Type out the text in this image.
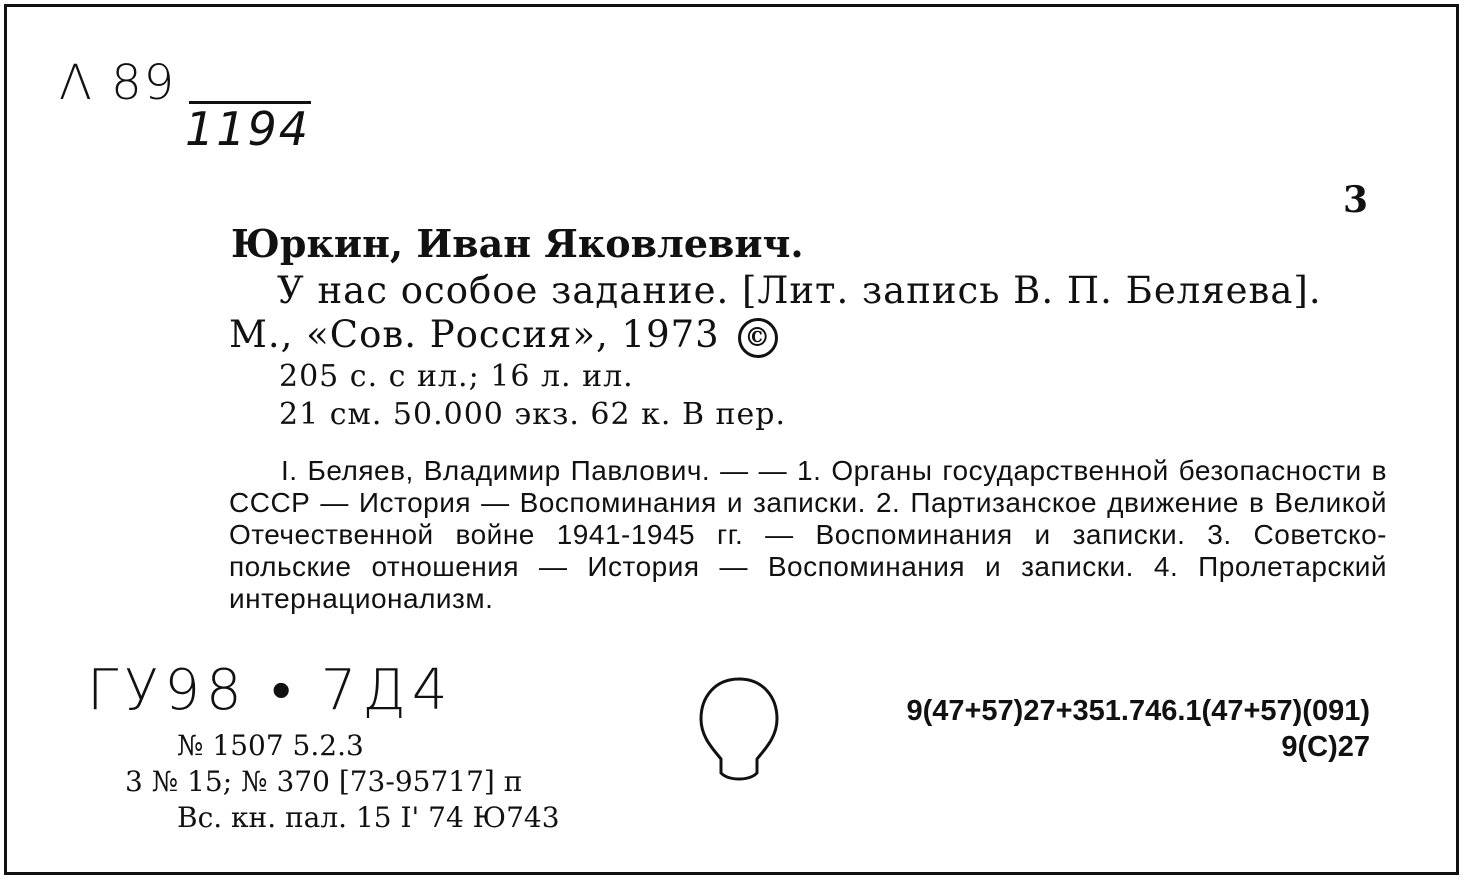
Λ 89
1194
3
Юркин, Иван Яковлевич.
У нас особое задание. [Лит. запись В. П. Беляева].
М., «Сов. Россия», 1973 ©
205 с. с ил.; 16 л. ил.
21 см. 50.000 экз. 62 к. В пер.
I. Беляев, Владимир Павлович. — — 1. Органы государственной безопасности в СССР — История — Воспоминания и записки. 2. Партизанское движение в Великой Отечественной войне 1941-1945 гг. — Воспоминания и записки. 3. Советско-польские отношения — История — Воспоминания и записки. 4. Пролетарский интернационализм.
ГУ98 • 7Д4
№ 1507 5.2.3
3 № 15; № 370 [73-95717] п
Вс. кн. пал. 15 I' 74 Ю743
9(47+57)27+351.746.1(47+57)(091)
9(С)27
